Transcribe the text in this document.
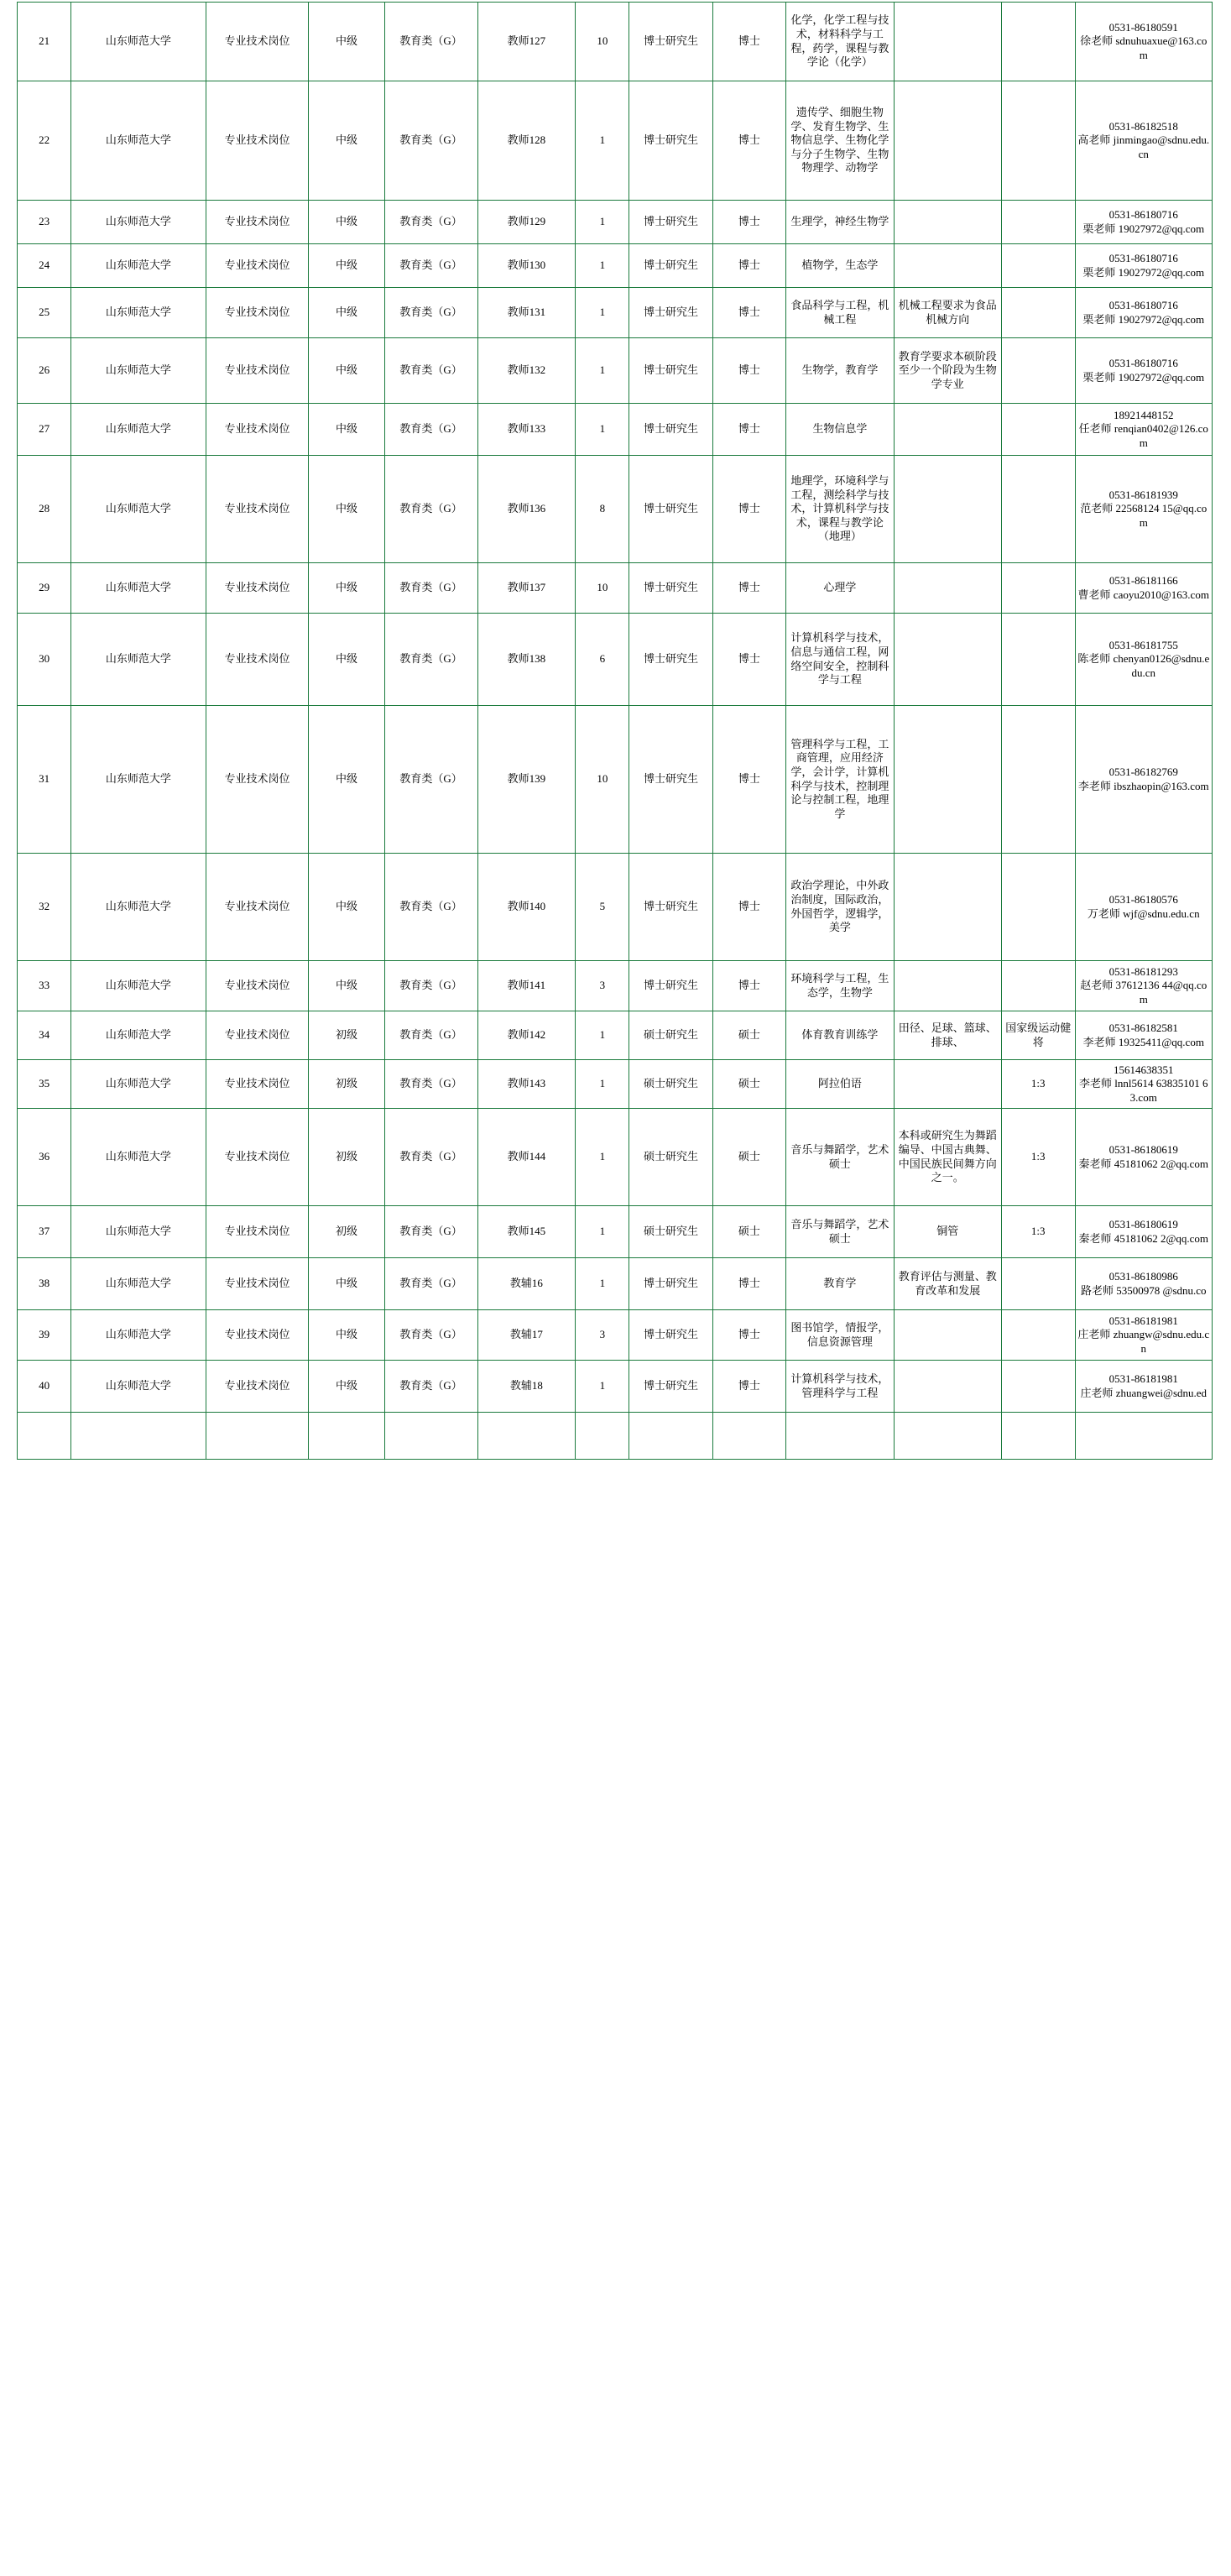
21	山东师范大学	专业技术岗位	中级	教育类（G）	教师127	10	博士研究生	博士	化学，化学工程与技术，材料科学与工程，药学，课程与教学论（化学）			0531-86180591
徐老师 sdnuhuaxue@163.com
22	山东师范大学	专业技术岗位	中级	教育类（G）	教师128	1	博士研究生	博士	遗传学、细胞生物学、发育生物学、生物信息学、生物化学与分子生物学、生物物理学、动物学			0531-86182518
高老师 jinmingao@sdnu.edu.cn
23	山东师范大学	专业技术岗位	中级	教育类（G）	教师129	1	博士研究生	博士	生理学，神经生物学			0531-86180716
栗老师 19027972@qq.com
24	山东师范大学	专业技术岗位	中级	教育类（G）	教师130	1	博士研究生	博士	植物学，生态学			0531-86180716
栗老师 19027972@qq.com
25	山东师范大学	专业技术岗位	中级	教育类（G）	教师131	1	博士研究生	博士	食品科学与工程，机械工程	机械工程要求为食品机械方向		0531-86180716
栗老师 19027972@qq.com
26	山东师范大学	专业技术岗位	中级	教育类（G）	教师132	1	博士研究生	博士	生物学，教育学	教育学要求本硕阶段至少一个阶段为生物学专业		0531-86180716
栗老师 19027972@qq.com
27	山东师范大学	专业技术岗位	中级	教育类（G）	教师133	1	博士研究生	博士	生物信息学			18921448152
任老师 renqian0402@126.com
28	山东师范大学	专业技术岗位	中级	教育类（G）	教师136	8	博士研究生	博士	地理学，环境科学与工程，测绘科学与技术，计算机科学与技术，课程与教学论（地理）			0531-86181939
范老师 22568124 15@qq.com
29	山东师范大学	专业技术岗位	中级	教育类（G）	教师137	10	博士研究生	博士	心理学			0531-86181166
曹老师 caoyu2010@163.com
30	山东师范大学	专业技术岗位	中级	教育类（G）	教师138	6	博士研究生	博士	计算机科学与技术，信息与通信工程，网络空间安全，控制科学与工程			0531-86181755
陈老师 chenyan0126@sdnu.edu.cn
31	山东师范大学	专业技术岗位	中级	教育类（G）	教师139	10	博士研究生	博士	管理科学与工程，工商管理，应用经济学，会计学，计算机科学与技术，控制理论与控制工程，地理学			0531-86182769
李老师 ibszhaopin@163.com
32	山东师范大学	专业技术岗位	中级	教育类（G）	教师140	5	博士研究生	博士	政治学理论，中外政治制度，国际政治，外国哲学，逻辑学，美学			0531-86180576
万老师 wjf@sdnu.edu.cn
33	山东师范大学	专业技术岗位	中级	教育类（G）	教师141	3	博士研究生	博士	环境科学与工程，生态学，生物学			0531-86181293
赵老师 37612136 44@qq.com
34	山东师范大学	专业技术岗位	初级	教育类（G）	教师142	1	硕士研究生	硕士	体育教育训练学	田径、足球、篮球、排球、	国家级运动健将	0531-86182581
李老师 19325411@qq.com
35	山东师范大学	专业技术岗位	初级	教育类（G）	教师143	1	硕士研究生	硕士	阿拉伯语		1:3	15614638351
李老师 lnnl5614 63835101 63.com
36	山东师范大学	专业技术岗位	初级	教育类（G）	教师144	1	硕士研究生	硕士	音乐与舞蹈学，艺术硕士	本科或研究生为舞蹈编导、中国古典舞、中国民族民间舞方向之一。	1:3	0531-86180619
秦老师 45181062 2@qq.com
37	山东师范大学	专业技术岗位	初级	教育类（G）	教师145	1	硕士研究生	硕士	音乐与舞蹈学，艺术硕士	铜管	1:3	0531-86180619
秦老师 45181062 2@qq.com
38	山东师范大学	专业技术岗位	中级	教育类（G）	教辅16	1	博士研究生	博士	教育学	教育评估与测量、教育改革和发展		0531-86180986
路老师 53500978 @sdnu.co
39	山东师范大学	专业技术岗位	中级	教育类（G）	教辅17	3	博士研究生	博士	图书馆学，情报学，信息资源管理			0531-86181981
庄老师 zhuangw@sdnu.edu.cn
40	山东师范大学	专业技术岗位	中级	教育类（G）	教辅18	1	博士研究生	博士	计算机科学与技术，管理科学与工程			0531-86181981
庄老师 zhuangwei@sdnu.ed
